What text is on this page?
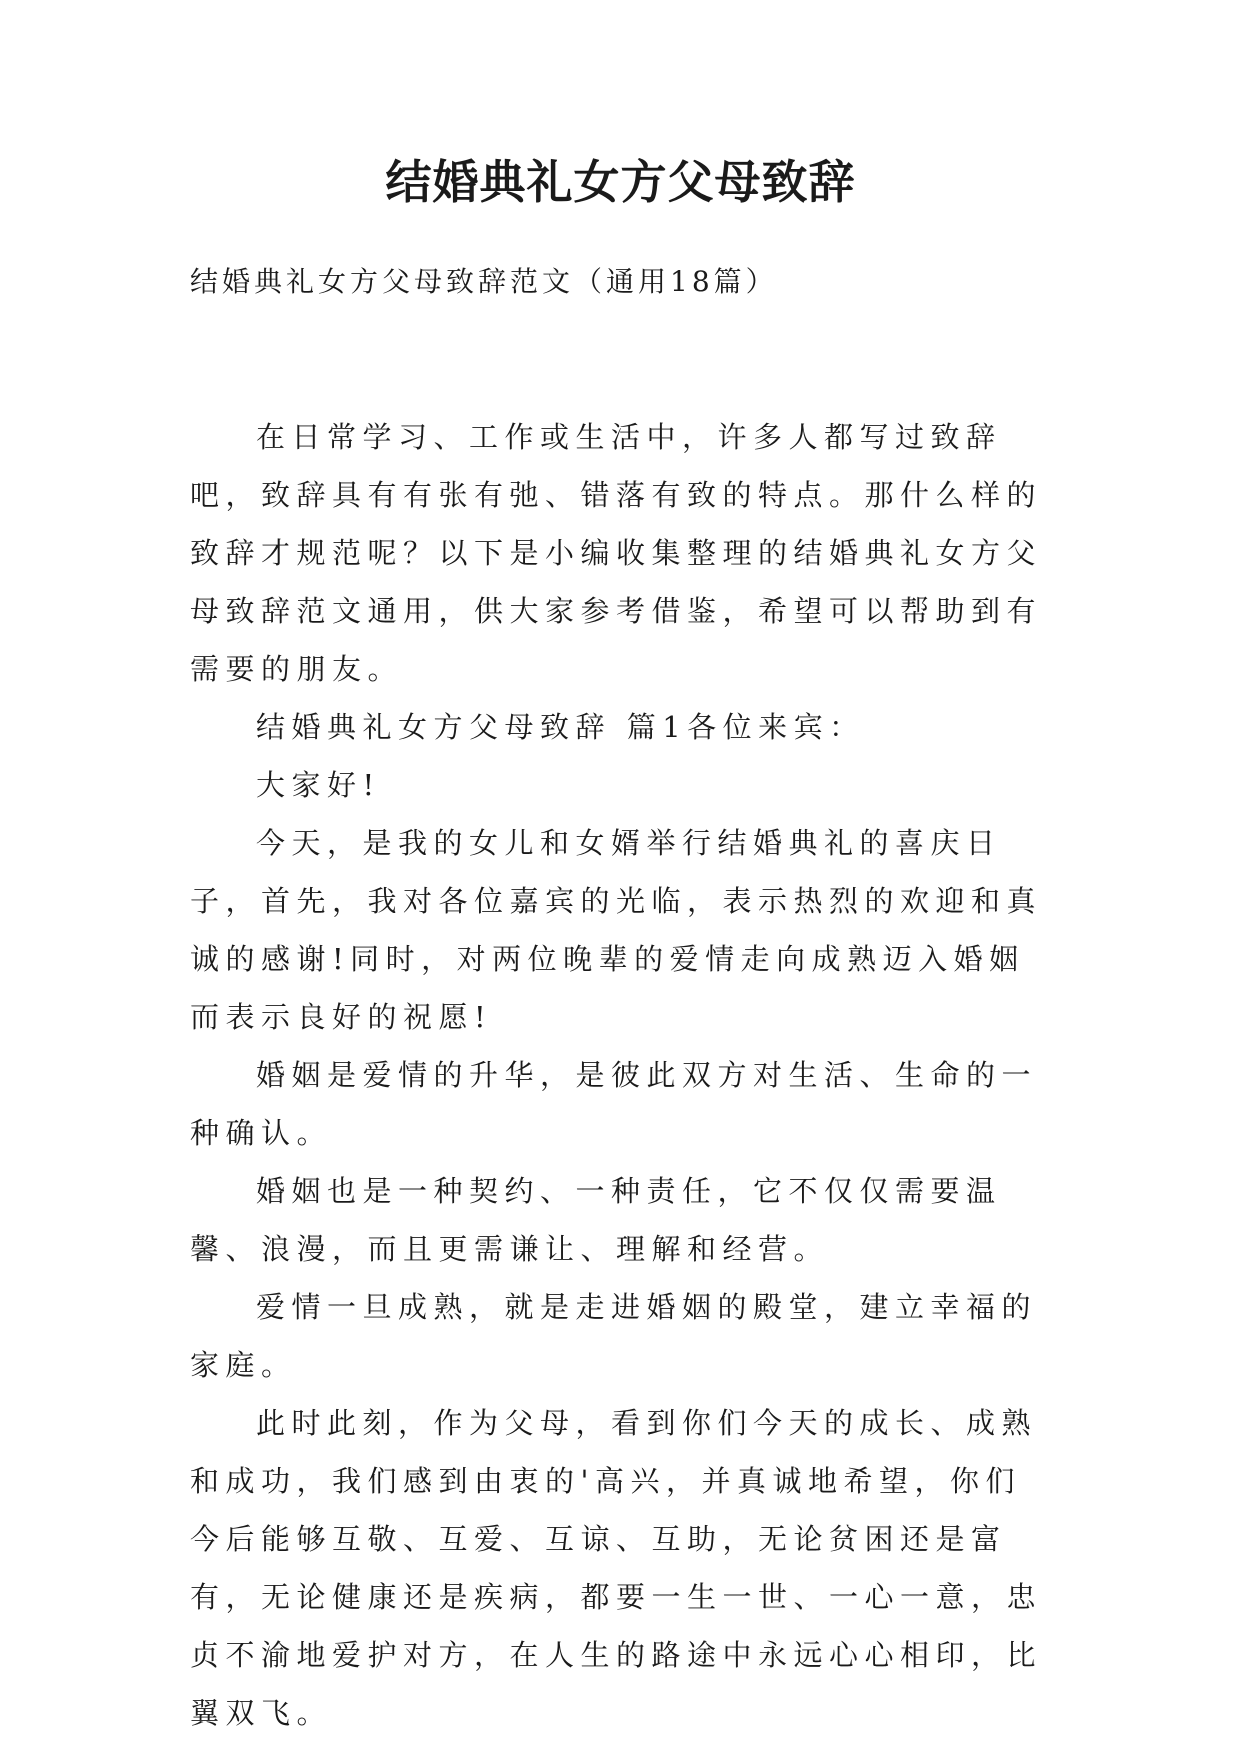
结婚典礼女方父母致辞
结婚典礼女方父母致辞范文（通用18篇）

在日常学习、工作或生活中，许多人都写过致辞吧，致辞具有有张有弛、错落有致的特点。那什么样的致辞才规范呢？以下是小编收集整理的结婚典礼女方父母致辞范文通用，供大家参考借鉴，希望可以帮助到有需要的朋友。

结婚典礼女方父母致辞 篇1各位来宾：

大家好!

今天，是我的女儿和女婿举行结婚典礼的喜庆日子，首先，我对各位嘉宾的光临，表示热烈的欢迎和真诚的感谢!同时，对两位晚辈的爱情走向成熟迈入婚姻而表示良好的祝愿!

婚姻是爱情的升华，是彼此双方对生活、生命的一种确认。

婚姻也是一种契约、一种责任，它不仅仅需要温馨、浪漫，而且更需谦让、理解和经营。

爱情一旦成熟，就是走进婚姻的殿堂，建立幸福的家庭。

此时此刻，作为父母，看到你们今天的成长、成熟和成功，我们感到由衷的'高兴，并真诚地希望，你们今后能够互敬、互爱、互谅、互助，无论贫困还是富有，无论健康还是疾病，都要一生一世、一心一意，忠贞不渝地爱护对方，在人生的路途中永远心心相印，比翼双飞。
